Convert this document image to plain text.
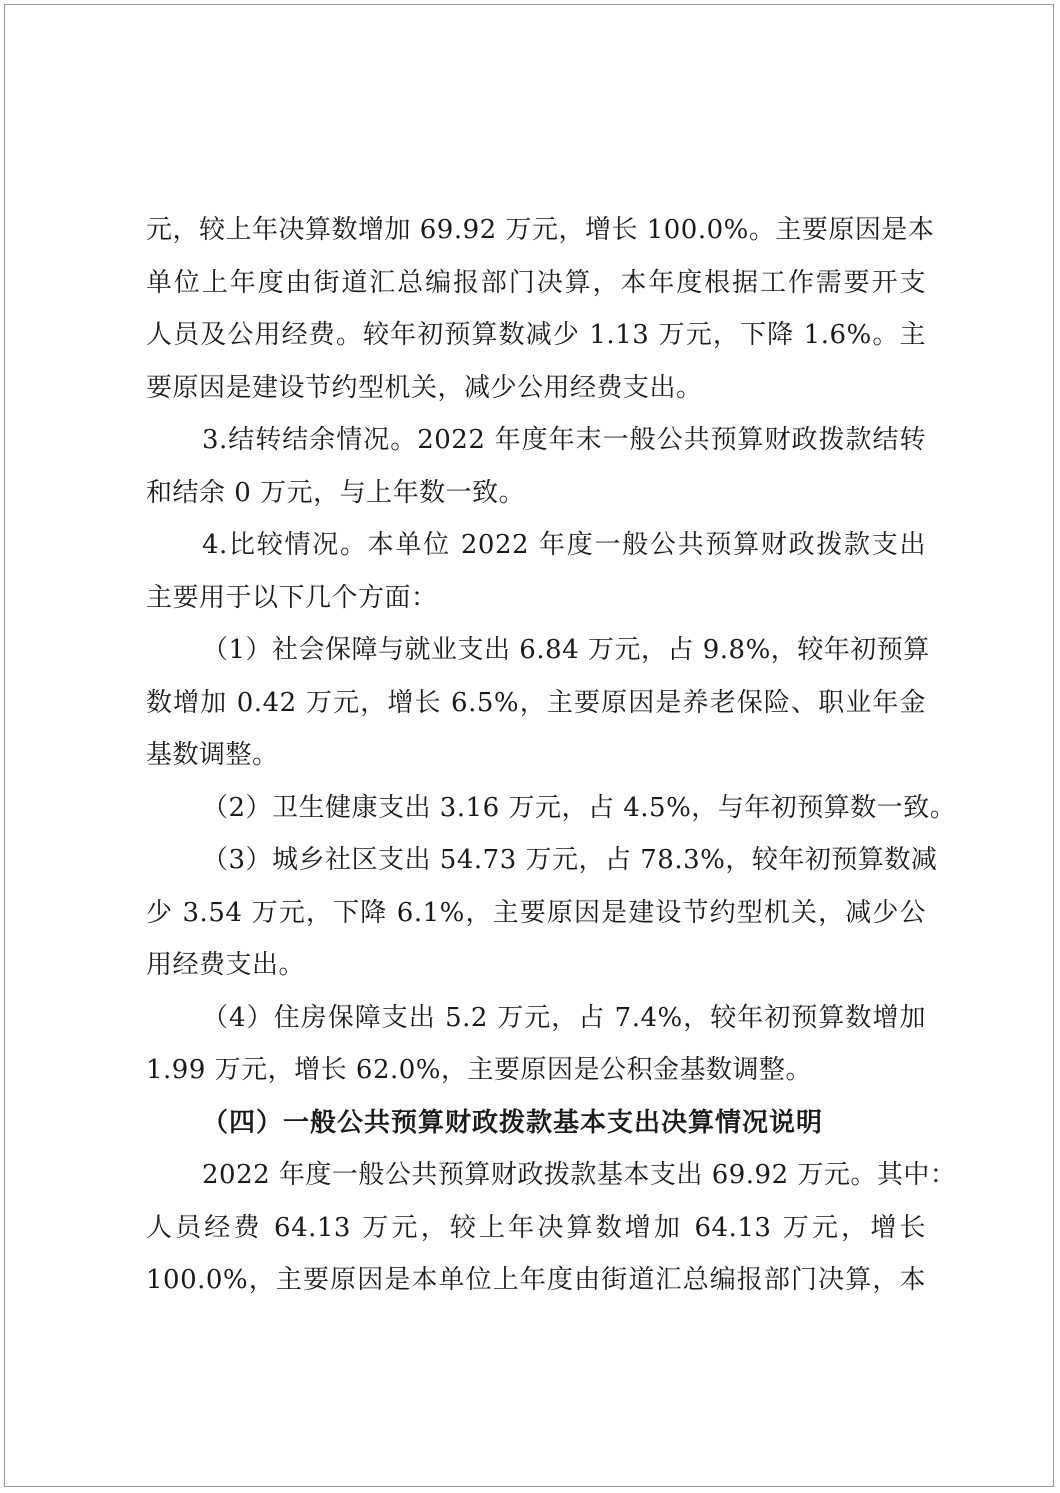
元，较上年决算数增加 69.92 万元，增长 100.0%。主要原因是本
单位上年度由街道汇总编报部门决算，本年度根据工作需要开支
人员及公用经费。较年初预算数减少 1.13 万元，下降 1.6%。主
要原因是建设节约型机关，减少公用经费支出。
3.结转结余情况。2022 年度年末一般公共预算财政拨款结转
和结余 0 万元，与上年数一致。
4.比较情况。本单位 2022 年度一般公共预算财政拨款支出
主要用于以下几个方面：
（1）社会保障与就业支出 6.84 万元，占 9.8%，较年初预算
数增加 0.42 万元，增长 6.5%，主要原因是养老保险、职业年金
基数调整。
（2）卫生健康支出 3.16 万元，占 4.5%，与年初预算数一致。
（3）城乡社区支出 54.73 万元，占 78.3%，较年初预算数减
少 3.54 万元，下降 6.1%，主要原因是建设节约型机关，减少公
用经费支出。
（4）住房保障支出 5.2 万元，占 7.4%，较年初预算数增加
1.99 万元，增长 62.0%，主要原因是公积金基数调整。
（四）一般公共预算财政拨款基本支出决算情况说明
2022 年度一般公共预算财政拨款基本支出 69.92 万元。其中：
人员经费 64.13 万元，较上年决算数增加 64.13 万元，增长
100.0%，主要原因是本单位上年度由街道汇总编报部门决算，本
